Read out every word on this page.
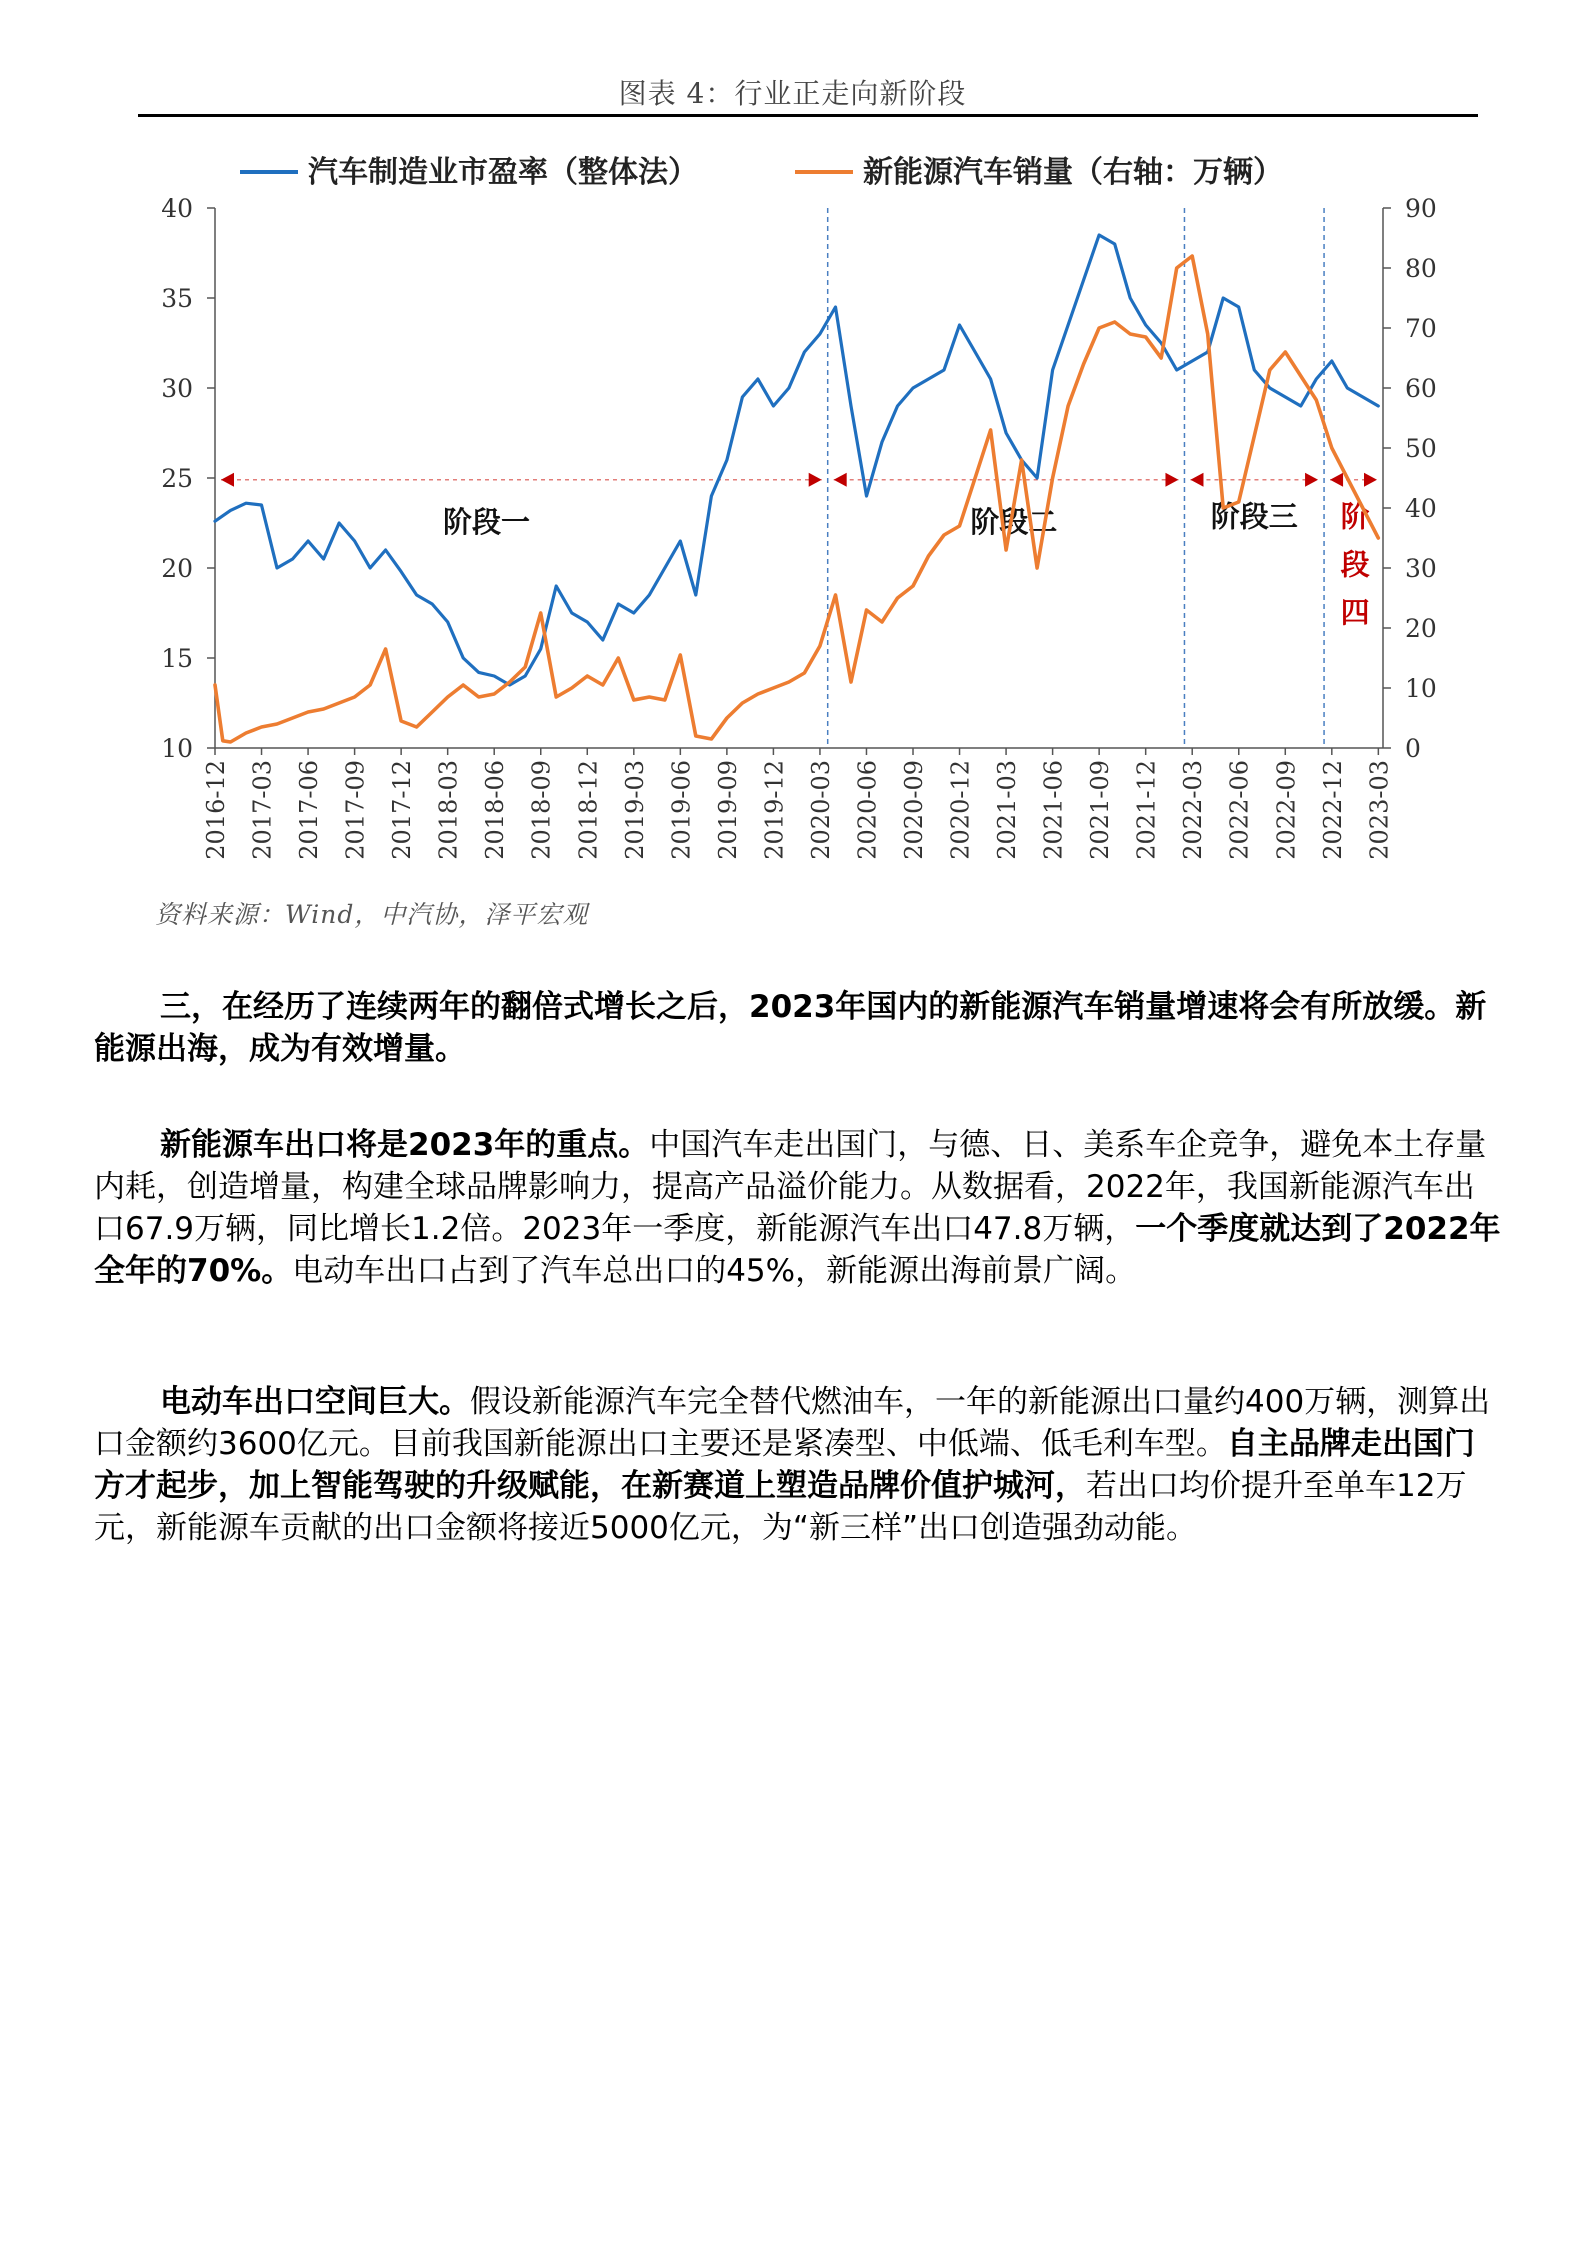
图表 4：行业正走向新阶段
汽车制造业市盈率（整体法）	新能源汽车销量（右轴：万辆）
10
15
20
25
30
35
40
0
10
20
30
40
50
60
70
80
90
2016-12 2017-03 2017-06 2017-09 2017-12 2018-03 2018-06 2018-09 2018-12 2019-03 2019-06 2019-09 2019-12 2020-03 2020-06 2020-09 2020-12 2021-03 2021-06 2021-09 2021-12 2022-03 2022-06 2022-09 2022-12 2023-03
阶段一	阶段二	阶段三 阶
段
四
资料来源：Wind，中汽协，泽平宏观

三，在经历了连续两年的翻倍式增长之后，2023年国内的新能源汽车销量增速将会有所放缓。新能源出海，成为有效增量。

新能源车出口将是2023年的重点。中国汽车走出国门，与德、日、美系车企竞争，避免本土存量内耗，创造增量，构建全球品牌影响力，提高产品溢价能力。从数据看，2022年，我国新能源汽车出口67.9万辆，同比增长1.2倍。2023年一季度，新能源汽车出口47.8万辆，一个季度就达到了2022年全年的70%。电动车出口占到了汽车总出口的45%，新能源出海前景广阔。

电动车出口空间巨大。假设新能源汽车完全替代燃油车，一年的新能源出口量约400万辆，测算出口金额约3600亿元。目前我国新能源出口主要还是紧凑型、中低端、低毛利车型。自主品牌走出国门方才起步，加上智能驾驶的升级赋能，在新赛道上塑造品牌价值护城河，若出口均价提升至单车12万元，新能源车贡献的出口金额将接近5000亿元，为“新三样”出口创造强劲动能。
